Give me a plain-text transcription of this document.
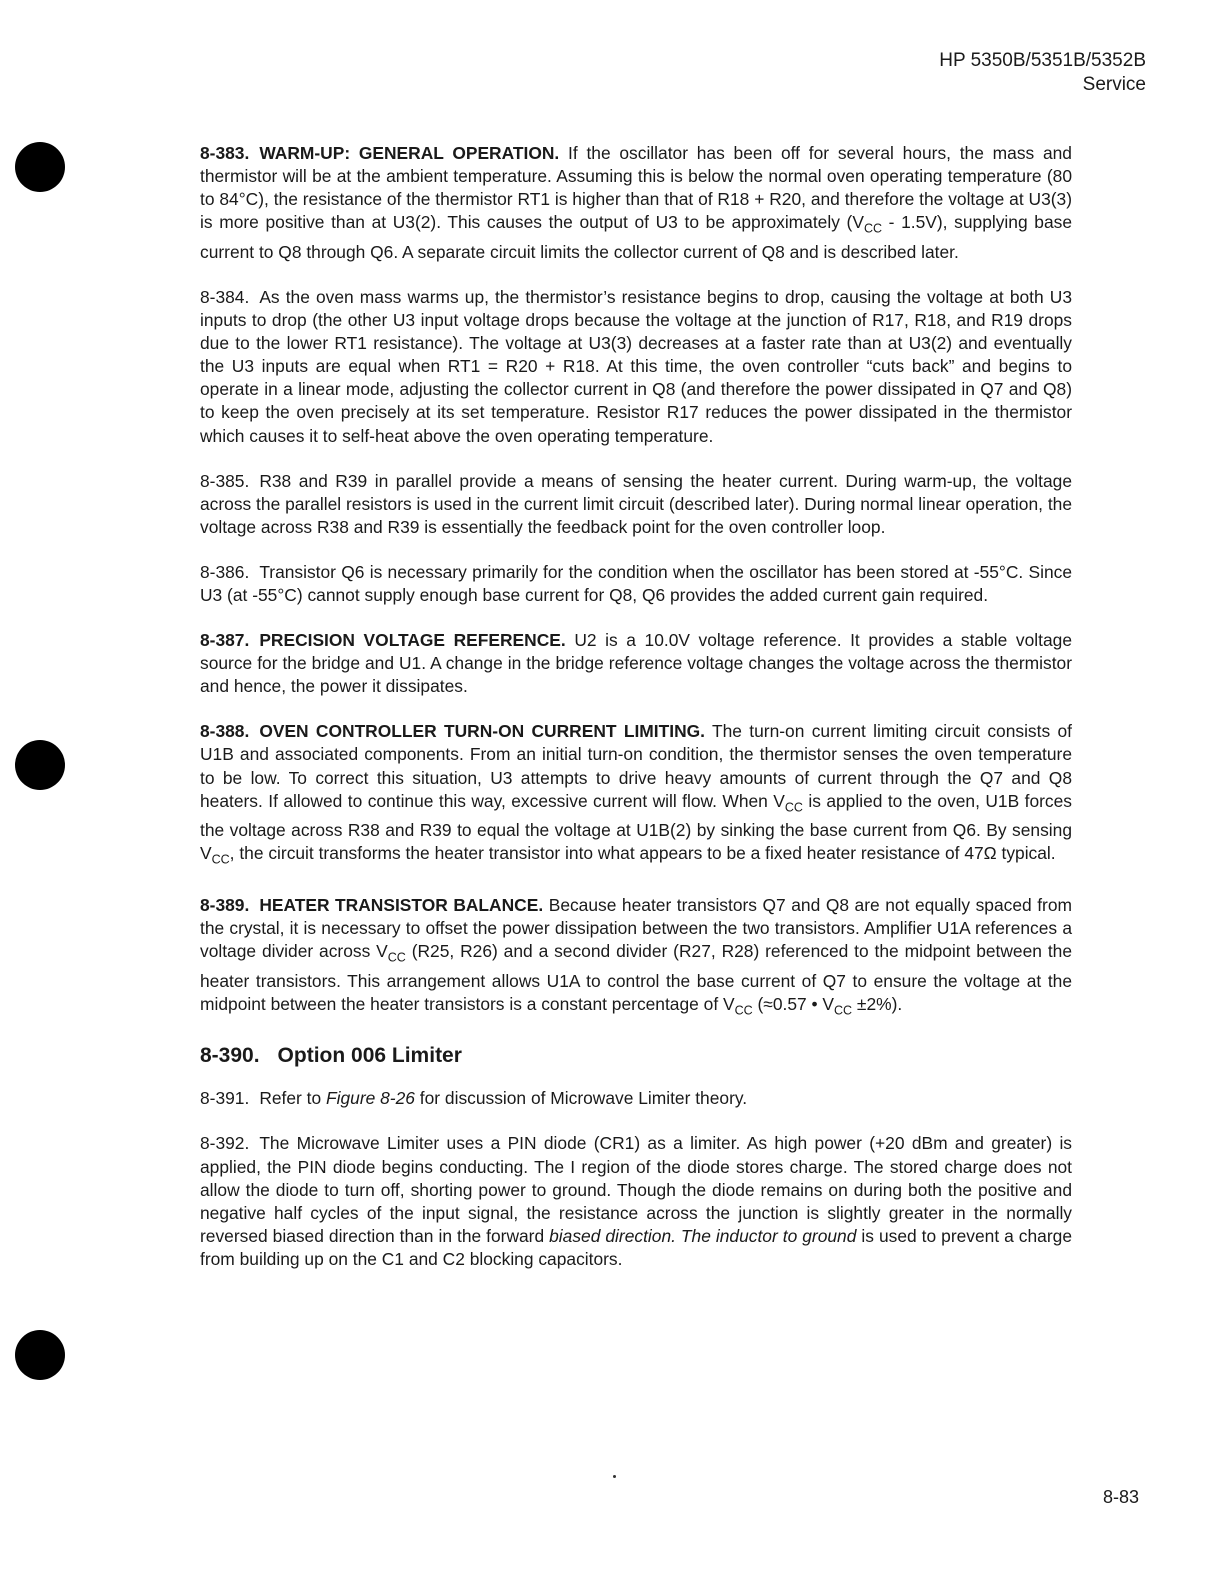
HP 5350B/5351B/5352B
Service

8-383. WARM-UP: GENERAL OPERATION. If the oscillator has been off for several hours, the mass and thermistor will be at the ambient temperature. Assuming this is below the normal oven operating temperature (80 to 84°C), the resistance of the thermistor RT1 is higher than that of R18 + R20, and therefore the voltage at U3(3) is more positive than at U3(2). This causes the output of U3 to be approximately $(V_{CC} - 1.5V)$, supplying base current to Q8 through Q6. A separate circuit limits the collector current of Q8 and is described later.

8-384. As the oven mass warms up, the thermistor’s resistance begins to drop, causing the voltage at both U3 inputs to drop (the other U3 input voltage drops because the voltage at the junction of R17, R18, and R19 drops due to the lower RT1 resistance). The voltage at U3(3) decreases at a faster rate than at U3(2) and eventually the U3 inputs are equal when RT1 = R20 + R18. At this time, the oven controller “cuts back” and begins to operate in a linear mode, adjusting the collector current in Q8 (and therefore the power dissipated in Q7 and Q8) to keep the oven precisely at its set temperature. Resistor R17 reduces the power dissipated in the thermistor which causes it to self-heat above the oven operating temperature.

8-385. R38 and R39 in parallel provide a means of sensing the heater current. During warm-up, the voltage across the parallel resistors is used in the current limit circuit (described later). During normal linear operation, the voltage across R38 and R39 is essentially the feedback point for the oven controller loop.

8-386. Transistor Q6 is necessary primarily for the condition when the oscillator has been stored at -55°C. Since U3 (at -55°C) cannot supply enough base current for Q8, Q6 provides the added current gain required.

8-387. PRECISION VOLTAGE REFERENCE. U2 is a 10.0V voltage reference. It provides a stable voltage source for the bridge and U1. A change in the bridge reference voltage changes the voltage across the thermistor and hence, the power it dissipates.

8-388. OVEN CONTROLLER TURN-ON CURRENT LIMITING. The turn-on current limiting circuit consists of U1B and associated components. From an initial turn-on condition, the thermistor senses the oven temperature to be low. To correct this situation, U3 attempts to drive heavy amounts of current through the Q7 and Q8 heaters. If allowed to continue this way, excessive current will flow. When $V_{CC}$ is applied to the oven, U1B forces the voltage across R38 and R39 to equal the voltage at U1B(2) by sinking the base current from Q6. By sensing $V_{CC}$, the circuit transforms the heater transistor into what appears to be a fixed heater resistance of 47Ω typical.

8-389. HEATER TRANSISTOR BALANCE. Because heater transistors Q7 and Q8 are not equally spaced from the crystal, it is necessary to offset the power dissipation between the two transistors. Amplifier U1A references a voltage divider across $V_{CC}$ (R25, R26) and a second divider (R27, R28) referenced to the midpoint between the heater transistors. This arrangement allows U1A to control the base current of Q7 to ensure the voltage at the midpoint between the heater transistors is a constant percentage of $V_{CC}$ (≈0.57 • $V_{CC} \pm 2\%$).

8-390. Option 006 Limiter

8-391. Refer to Figure 8-26 for discussion of Microwave Limiter theory.

8-392. The Microwave Limiter uses a PIN diode (CR1) as a limiter. As high power (+20 dBm and greater) is applied, the PIN diode begins conducting. The I region of the diode stores charge. The stored charge does not allow the diode to turn off, shorting power to ground. Though the diode remains on during both the positive and negative half cycles of the input signal, the resistance across the junction is slightly greater in the normally reversed biased direction than in the forward biased direction. The inductor to ground is used to prevent a charge from building up on the C1 and C2 blocking capacitors.

8-83
